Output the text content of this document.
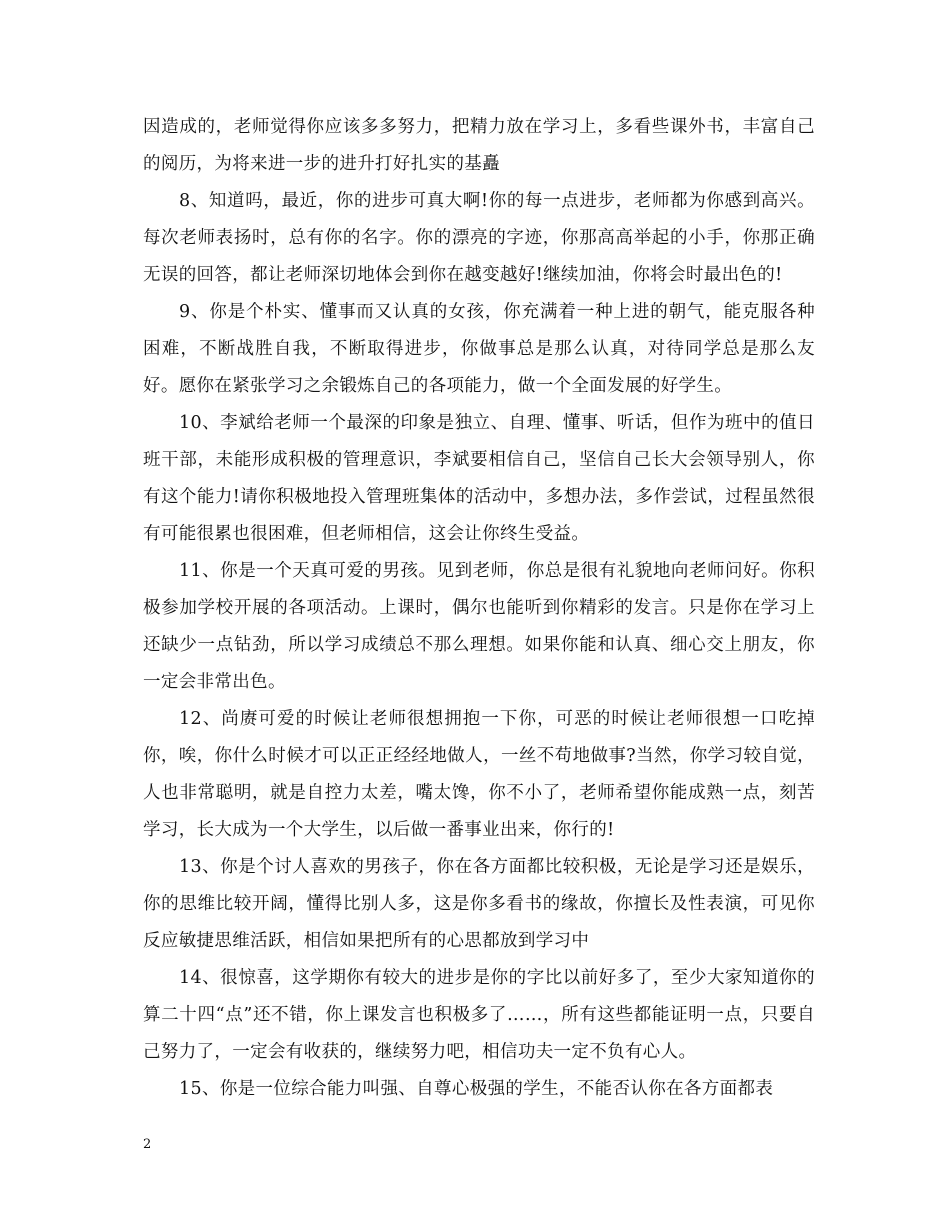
因造成的，老师觉得你应该多多努力，把精力放在学习上，多看些课外书，丰富自己的阅历，为将来进一步的进升打好扎实的基矗

8、知道吗，最近，你的进步可真大啊!你的每一点进步，老师都为你感到高兴。每次老师表扬时，总有你的名字。你的漂亮的字迹，你那高高举起的小手，你那正确无误的回答，都让老师深切地体会到你在越变越好!继续加油，你将会时最出色的!

9、你是个朴实、懂事而又认真的女孩，你充满着一种上进的朝气，能克服各种困难，不断战胜自我，不断取得进步，你做事总是那么认真，对待同学总是那么友好。愿你在紧张学习之余锻炼自己的各项能力，做一个全面发展的好学生。

10、李斌给老师一个最深的印象是独立、自理、懂事、听话，但作为班中的值日班干部，未能形成积极的管理意识，李斌要相信自己，坚信自己长大会领导别人，你有这个能力!请你积极地投入管理班集体的活动中，多想办法，多作尝试，过程虽然很有可能很累也很困难，但老师相信，这会让你终生受益。

11、你是一个天真可爱的男孩。见到老师，你总是很有礼貌地向老师问好。你积极参加学校开展的各项活动。上课时，偶尔也能听到你精彩的发言。只是你在学习上还缺少一点钻劲，所以学习成绩总不那么理想。如果你能和认真、细心交上朋友，你一定会非常出色。

12、尚赓可爱的时候让老师很想拥抱一下你，可恶的时候让老师很想一口吃掉你，唉，你什么时候才可以正正经经地做人，一丝不苟地做事?当然，你学习较自觉，人也非常聪明，就是自控力太差，嘴太馋，你不小了，老师希望你能成熟一点，刻苦学习，长大成为一个大学生，以后做一番事业出来，你行的!

13、你是个讨人喜欢的男孩子，你在各方面都比较积极，无论是学习还是娱乐，你的思维比较开阔，懂得比别人多，这是你多看书的缘故，你擅长及性表演，可见你反应敏捷思维活跃，相信如果把所有的心思都放到学习中

14、很惊喜，这学期你有较大的进步是你的字比以前好多了，至少大家知道你的算二十四“点”还不错，你上课发言也积极多了……，所有这些都能证明一点，只要自己努力了，一定会有收获的，继续努力吧，相信功夫一定不负有心人。

15、你是一位综合能力叫强、自尊心极强的学生，不能否认你在各方面都表

2
